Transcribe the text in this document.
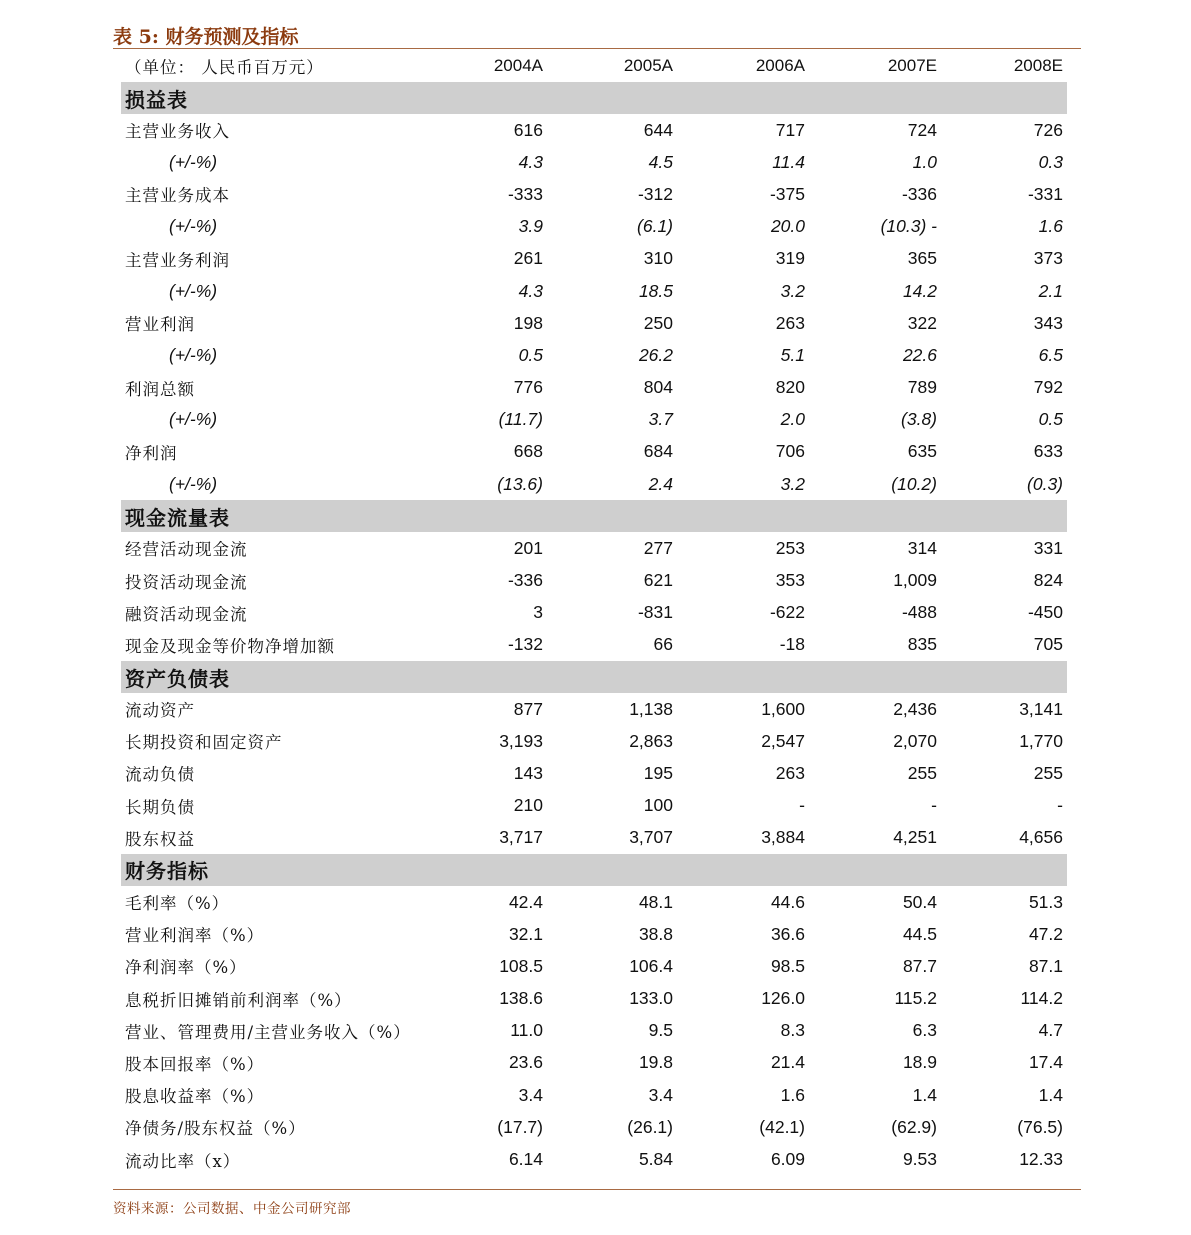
表 5: 财务预测及指标
（单位： 人民币百万元）	2004A	2005A	2006A	2007E	2008E
损益表					
主营业务收入	616	644	717	724	726
(+/-%)	4.3	4.5	11.4	1.0	0.3
主营业务成本	-333	-312	-375	-336	-331
(+/-%)	3.9	(6.1)	20.0	(10.3) -	1.6
主营业务利润	261	310	319	365	373
(+/-%)	4.3	18.5	3.2	14.2	2.1
营业利润	198	250	263	322	343
(+/-%)	0.5	26.2	5.1	22.6	6.5
利润总额	776	804	820	789	792
(+/-%)	(11.7)	3.7	2.0	(3.8)	0.5
净利润	668	684	706	635	633
(+/-%)	(13.6)	2.4	3.2	(10.2)	(0.3)
现金流量表					
经营活动现金流	201	277	253	314	331
投资活动现金流	-336	621	353	1,009	824
融资活动现金流	3	-831	-622	-488	-450
现金及现金等价物净增加额	-132	66	-18	835	705
资产负债表					
流动资产	877	1,138	1,600	2,436	3,141
长期投资和固定资产	3,193	2,863	2,547	2,070	1,770
流动负债	143	195	263	255	255
长期负债	210	100	-	-	-
股东权益	3,717	3,707	3,884	4,251	4,656
财务指标					
毛利率（%）	42.4	48.1	44.6	50.4	51.3
营业利润率（%）	32.1	38.8	36.6	44.5	47.2
净利润率（%）	108.5	106.4	98.5	87.7	87.1
息税折旧摊销前利润率（%）	138.6	133.0	126.0	115.2	114.2
营业、管理费用/主营业务收入（%）	11.0	9.5	8.3	6.3	4.7
股本回报率（%）	23.6	19.8	21.4	18.9	17.4
股息收益率（%）	3.4	3.4	1.6	1.4	1.4
净债务/股东权益（%）	(17.7)	(26.1)	(42.1)	(62.9)	(76.5)
流动比率（x）	6.14	5.84	6.09	9.53	12.33
资料来源：公司数据、中金公司研究部
